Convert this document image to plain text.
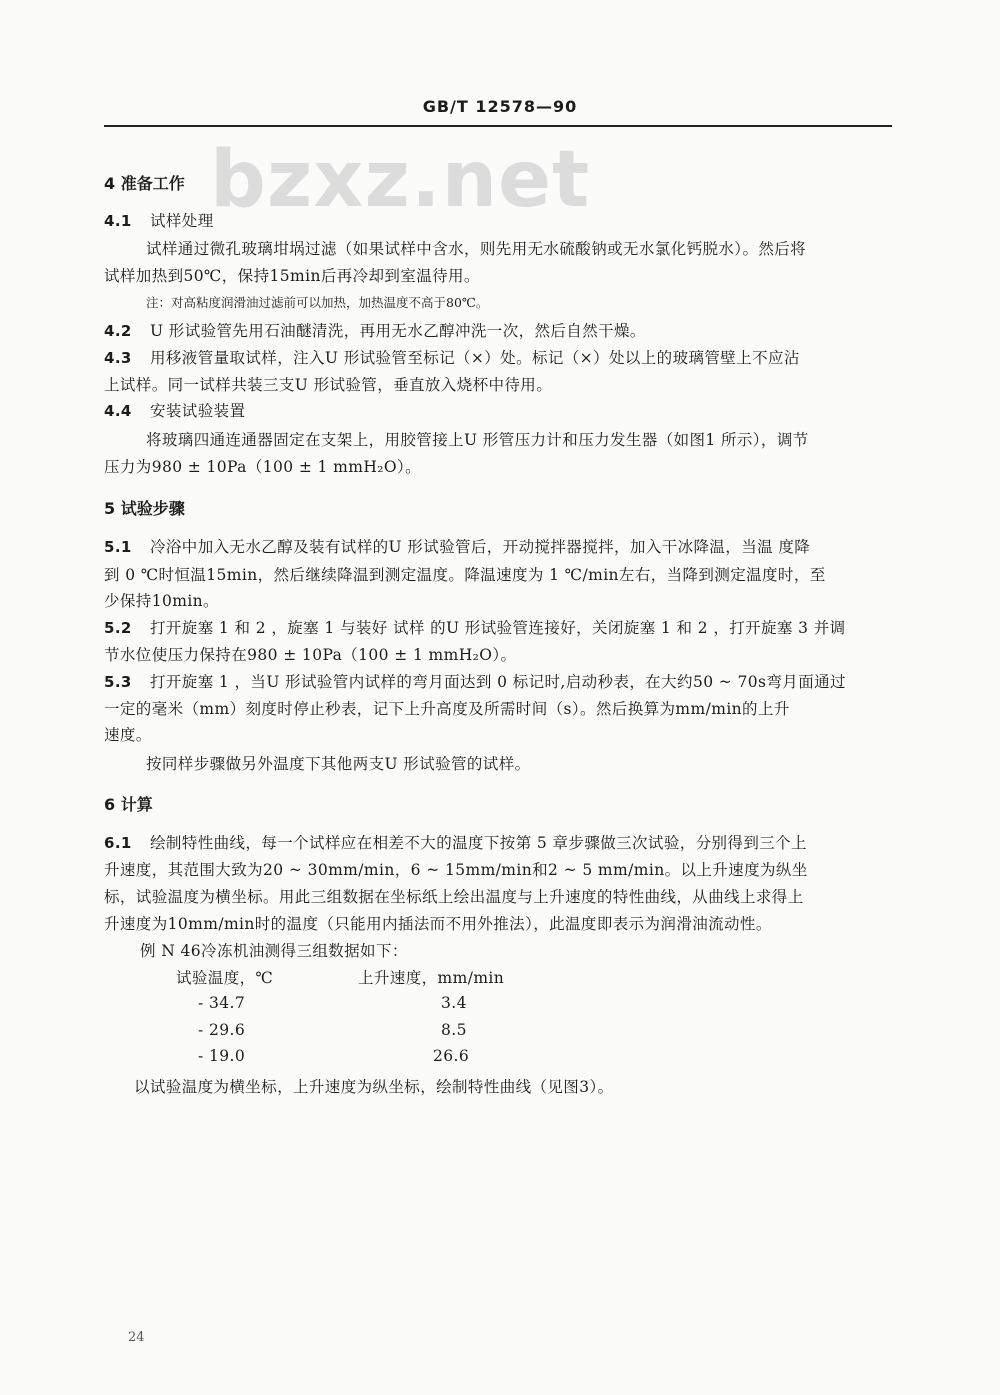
GB/T 12578—90
bzxz.net
4 准备工作
4.1 试样处理
试样通过微孔玻璃坩埚过滤（如果试样中含水，则先用无水硫酸钠或无水氯化钙脱水）。然后将
试样加热到50℃，保持15min后再冷却到室温待用。
注：对高粘度润滑油过滤前可以加热，加热温度不高于80℃。
4.2 U 形试验管先用石油醚清洗，再用无水乙醇冲洗一次，然后自然干燥。
4.3 用移液管量取试样，注入U 形试验管至标记（×）处。标记（×）处以上的玻璃管壁上不应沾
上试样。同一试样共装三支U 形试验管，垂直放入烧杯中待用。
4.4 安装试验装置
将玻璃四通连通器固定在支架上，用胶管接上U 形管压力计和压力发生器（如图1 所示），调节
压力为980 ± 10Pa（100 ± 1 mmH₂O）。
5 试验步骤
5.1 冷浴中加入无水乙醇及装有试样的U 形试验管后，开动搅拌器搅拌，加入干冰降温，当温 度降
到 0 ℃时恒温15min，然后继续降温到测定温度。降温速度为 1 ℃/min左右，当降到测定温度时，至
少保持10min。
5.2 打开旋塞 1 和 2 ，旋塞 1 与装好 试样 的U 形试验管连接好，关闭旋塞 1 和 2 ，打开旋塞 3 并调
节水位使压力保持在980 ± 10Pa（100 ± 1 mmH₂O）。
5.3 打开旋塞 1 ，当U 形试验管内试样的弯月面达到 0 标记时,启动秒表，在大约50 ~ 70s弯月面通过
一定的毫米（mm）刻度时停止秒表，记下上升高度及所需时间（s）。然后换算为mm/min的上升
速度。
按同样步骤做另外温度下其他两支U 形试验管的试样。
6 计算
6.1 绘制特性曲线，每一个试样应在相差不大的温度下按第 5 章步骤做三次试验，分别得到三个上
升速度，其范围大致为20 ~ 30mm/min，6 ~ 15mm/min和2 ~ 5 mm/min。以上升速度为纵坐
标，试验温度为横坐标。用此三组数据在坐标纸上绘出温度与上升速度的特性曲线，从曲线上求得上
升速度为10mm/min时的温度（只能用内插法而不用外推法），此温度即表示为润滑油流动性。
例 N 46冷冻机油测得三组数据如下：
试验温度，℃	上升速度，mm/min
- 34.7	3.4
- 29.6	8.5
- 19.0	26.6
以试验温度为横坐标，上升速度为纵坐标，绘制特性曲线（见图3）。
24
